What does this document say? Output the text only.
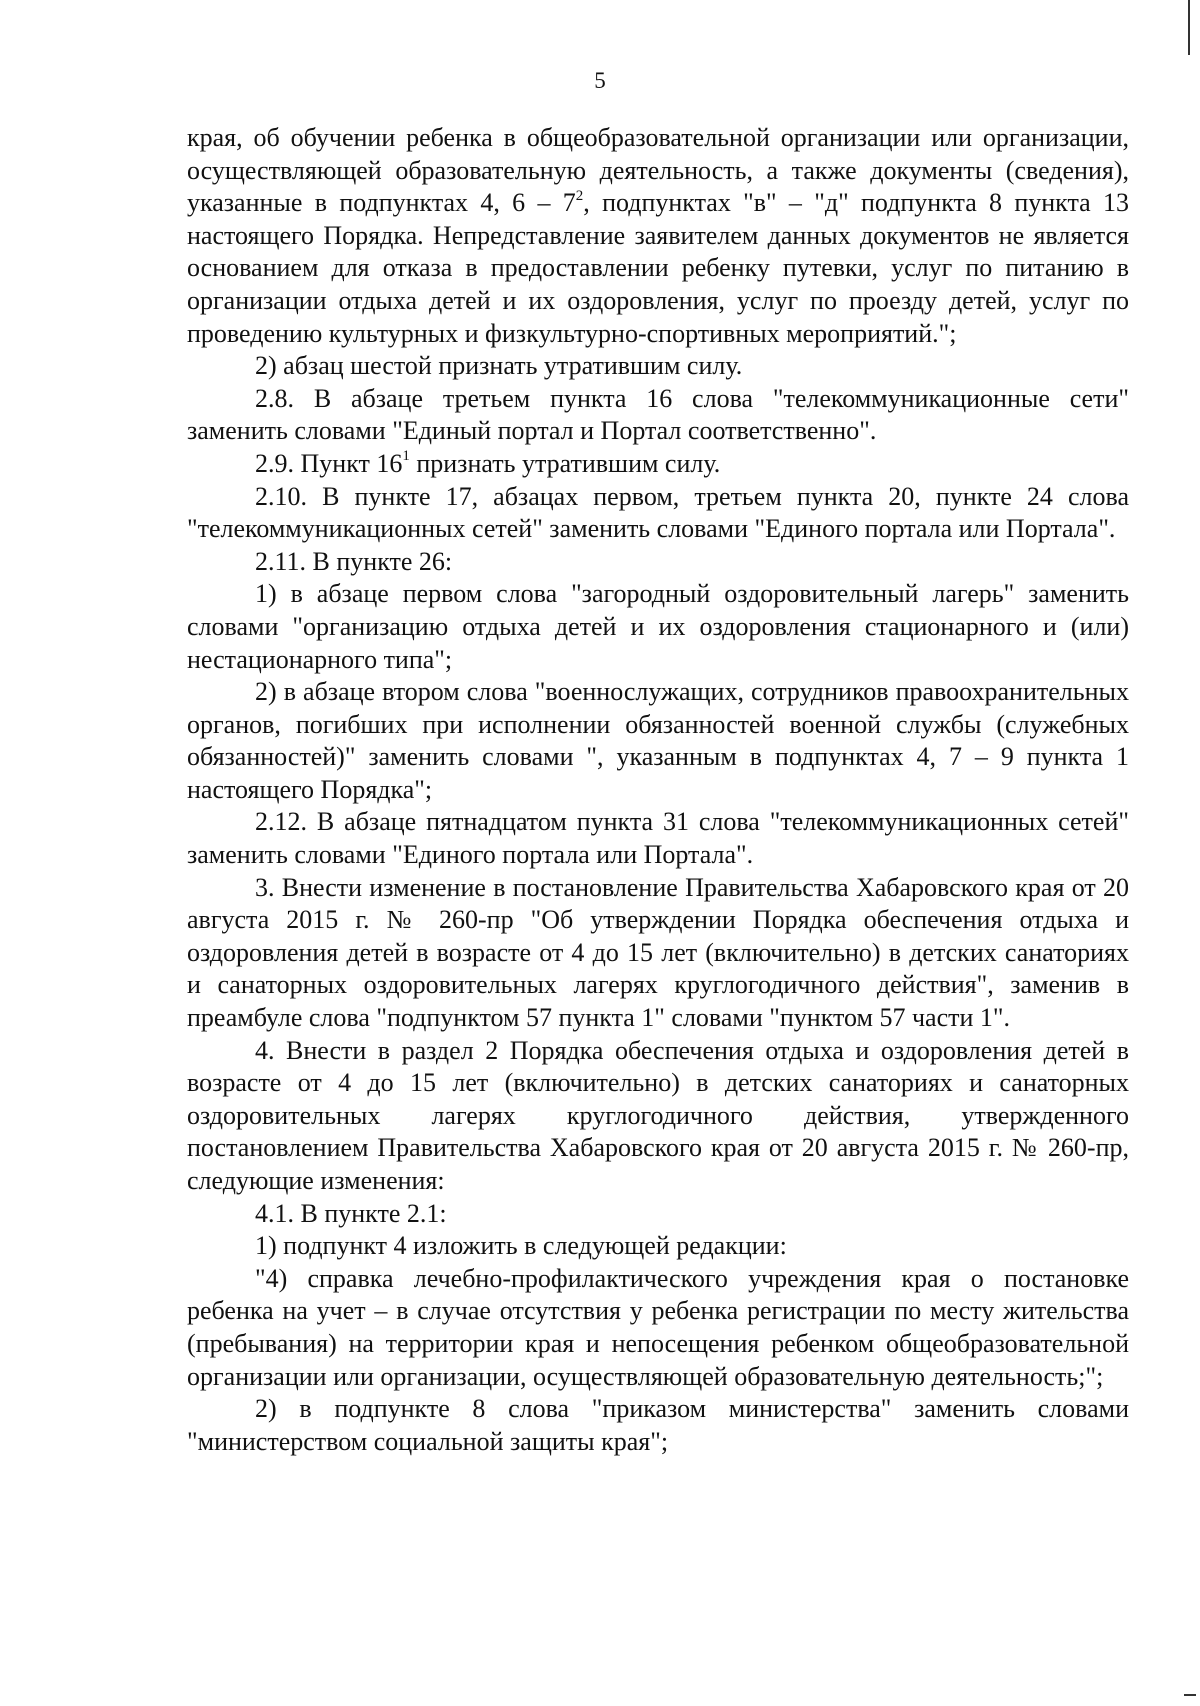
5

края, об обучении ребенка в общеобразовательной организации или организации, осуществляющей образовательную деятельность, а также документы (сведения), указанные в подпунктах 4, $6 - 7^2$, подпунктах "в" – "д" подпункта 8 пункта 13 настоящего Порядка. Непредставление заявителем данных документов не является основанием для отказа в предоставлении ребенку путевки, услуг по питанию в организации отдыха детей и их оздоровления, услуг по проезду детей, услуг по проведению культурных и физкультурно-спортивных мероприятий.";

2) абзац шестой признать утратившим силу.

2.8. В абзаце третьем пункта 16 слова "телекоммуникационные сети" заменить словами "Единый портал и Портал соответственно".

2.9. Пункт $16^1$ признать утратившим силу.

2.10. В пункте 17, абзацах первом, третьем пункта 20, пункте 24 слова "телекоммуникационных сетей" заменить словами "Единого портала или Портала".

2.11. В пункте 26:

1) в абзаце первом слова "загородный оздоровительный лагерь" заменить словами "организацию отдыха детей и их оздоровления стационарного и (или) нестационарного типа";

2) в абзаце втором слова "военнослужащих, сотрудников правоохранительных органов, погибших при исполнении обязанностей военной службы (служебных обязанностей)" заменить словами ", указанным в подпунктах 4, 7 – 9 пункта 1 настоящего Порядка";

2.12. В абзаце пятнадцатом пункта 31 слова "телекоммуникационных сетей" заменить словами "Единого портала или Портала".

3. Внести изменение в постановление Правительства Хабаровского края от 20 августа 2015 г. № 260-пр "Об утверждении Порядка обеспечения отдыха и оздоровления детей в возрасте от 4 до 15 лет (включительно) в детских санаториях и санаторных оздоровительных лагерях круглогодичного действия", заменив в преамбуле слова "подпунктом 57 пункта 1" словами "пунктом 57 части 1".

4. Внести в раздел 2 Порядка обеспечения отдыха и оздоровления детей в возрасте от 4 до 15 лет (включительно) в детских санаториях и санаторных оздоровительных лагерях круглогодичного действия, утвержденного постановлением Правительства Хабаровского края от 20 августа 2015 г. № 260-пр, следующие изменения:

4.1. В пункте 2.1:

1) подпункт 4 изложить в следующей редакции:

"4) справка лечебно-профилактического учреждения края о постановке ребенка на учет – в случае отсутствия у ребенка регистрации по месту жительства (пребывания) на территории края и непосещения ребенком общеобразовательной организации или организации, осуществляющей образовательную деятельность;";

2) в подпункте 8 слова "приказом министерства" заменить словами "министерством социальной защиты края";
